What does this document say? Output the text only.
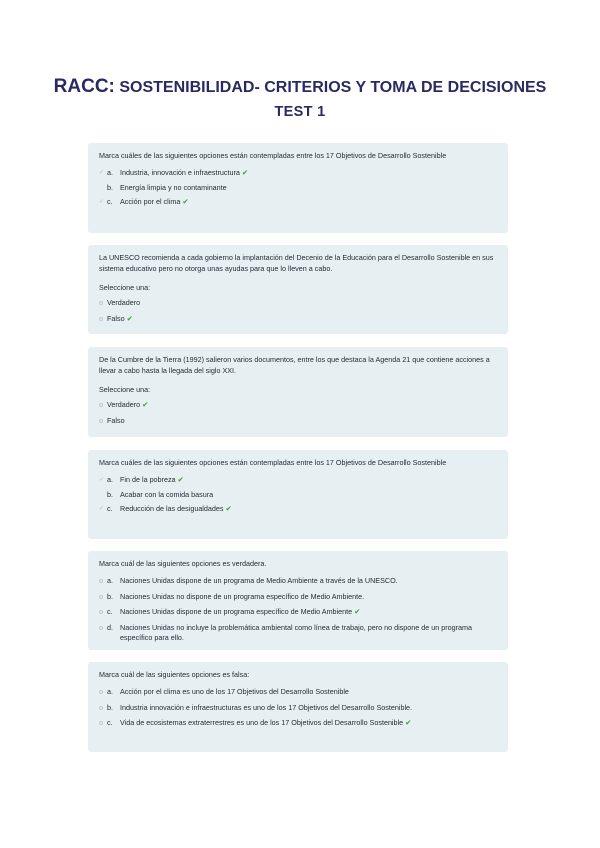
RACC: SOSTENIBILIDAD- CRITERIOS Y TOMA DE DECISIONES
TEST 1

Marca cuáles de las siguientes opciones están contempladas entre los 17 Objetivos de Desarrollo Sostenible

✓ a. Industria, innovación e infraestructura ✔
b. Energía limpia y no contaminante
✓ c.	Acción por el clima ✔

La UNESCO recomienda a cada gobierno la implantación del Decenio de la Educación para el Desarrollo Sostenible en sus sistema educativo pero no otorga unas ayudas para que lo lleven a cabo.

Seleccione una:
Verdadero
Falso ✔

De la Cumbre de la Tierra (1992) salieron varios documentos, entre los que destaca la Agenda 21 que contiene acciones a llevar a cabo hasta la llegada del siglo XXI.

Seleccione una:
Verdadero ✔
Falso

Marca cuáles de las siguientes opciones están contempladas entre los 17 Objetivos de Desarrollo Sostenible

✓ a. Fin de la pobreza ✔
b. Acabar con la comida basura
✓ c.	Reducción de las desigualdades ✔

Marca cuál de las siguientes opciones es verdadera.

a. Naciones Unidas dispone de un programa de Medio Ambiente a través de la UNESCO.
b. Naciones Unidas no dispone de un programa específico de Medio Ambiente.
c.	Naciones Unidas dispone de un programa específico de Medio Ambiente ✔
d. Naciones Unidas no incluye la problemática ambiental como línea de trabajo, pero no dispone de un programa específico para ello.

Marca cuál de las siguientes opciones es falsa:

a. Acción por el clima es uno de los 17 Objetivos del Desarrollo Sostenible
b. Industria innovación e infraestructuras es uno de los 17 Objetivos del Desarrollo Sostenible.
c.	Vida de ecosistemas extraterrestres es uno de los 17 Objetivos del Desarrollo Sostenible ✔
